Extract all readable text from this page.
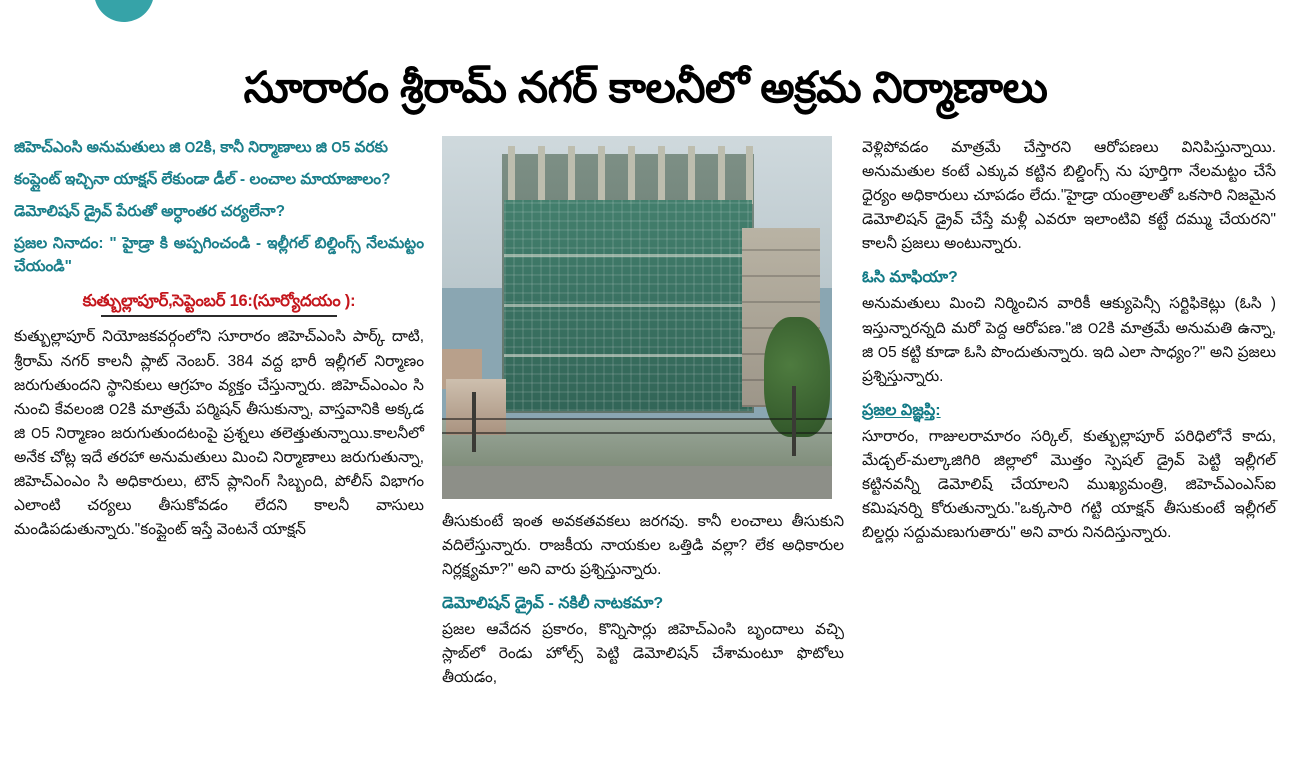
సూరారం శ్రీరామ్ నగర్ కాలనీలో అక్రమ నిర్మాణాలు
జిహెచ్ఎంసి అనుమతులు జి ౦2కి, కానీ నిర్మాణాలు జి ౦5 వరకు
కంప్లైంట్ ఇచ్చినా యాక్షన్ లేకుండా డీల్ - లంచాల మాయాజాలం?
డెమోలిషన్ డ్రైవ్ పేరుతో అర్ధాంతర చర్యలేనా?
ప్రజల నినాదం: " హైడ్రా కి అప్పగించండి - ఇల్లీగల్ బిల్డింగ్స్ నేలమట్టం చేయండి"
కుత్బుల్లాపూర్,సెప్టెంబర్ 16:(సూర్యోదయం ):
కుత్బుల్లాపూర్ నియోజకవర్గంలోని సూరారం జిహెచ్ఎంసి పార్క్ దాటి, శ్రీరామ్ నగర్ కాలనీ ప్లాట్ నెంబర్. 384 వద్ద భారీ ఇల్లీగల్ నిర్మాణం జరుగుతుందని స్థానికులు ఆగ్రహం వ్యక్తం చేస్తున్నారు. జిహెచ్ఎంఎం సి నుంచి కేవలంజి ౦2కి మాత్రమే పర్మిషన్ తీసుకున్నా, వాస్తవానికి అక్కడ జి ౦5 నిర్మాణం జరుగుతుందటంపై ప్రశ్నలు తలెత్తుతున్నాయి.కాలనీలో అనేక చోట్ల ఇదే తరహా అనుమతులు మించి నిర్మాణాలు జరుగుతున్నా, జిహెచ్ఎంఎం సి అధికారులు, టౌన్ ప్లానింగ్ సిబ్బంది, పోలీస్ విభాగం ఎలాంటి చర్యలు తీసుకోవడం లేదని కాలనీ వాసులు మండిపడుతున్నారు."కంప్లైంట్ ఇస్తే వెంటనే యాక్షన్	తీసుకుంటే ఇంత అవకతవకలు జరగవు. కానీ లంచాలు తీసుకుని వదిలేస్తున్నారు. రాజకీయ నాయకుల ఒత్తిడి వల్లా? లేక అధికారుల నిర్లక్ష్యమా?" అని వారు ప్రశ్నిస్తున్నారు.
డెమోలిషన్ డ్రైవ్ - నకిలీ నాటకమా?
ప్రజల ఆవేదన ప్రకారం, కొన్నిసార్లు జిహెచ్ఎంసి బృందాలు వచ్చి స్లాబ్‌లో రెండు హోల్స్ పెట్టి డెమోలిషన్ చేశామంటూ ఫొటోలు తీయడం,
వెళ్లిపోవడం మాత్రమే చేస్తారని ఆరోపణలు వినిపిస్తున్నాయి. అనుమతుల కంటే ఎక్కువ కట్టిన బిల్డింగ్స్ ను పూర్తిగా నేలమట్టం చేసే ధైర్యం అధికారులు చూపడం లేదు."హైడ్రా యంత్రాలతో ఒకసారి నిజమైన డెమోలిషన్ డ్రైవ్ చేస్తే మళ్లీ ఎవరూ ఇలాంటివి కట్టే దమ్ము చేయరని" కాలనీ ప్రజలు అంటున్నారు.
ఓసి మాఫియా?
అనుమతులు మించి నిర్మించిన వారికీ ఆక్యుపెన్సీ సర్టిఫికెట్లు (ఓసి ) ఇస్తున్నారన్నది మరో పెద్ద ఆరోపణ."జి ౦2కి మాత్రమే అనుమతి ఉన్నా, జి ౦5 కట్టి కూడా ఓసి పొందుతున్నారు. ఇది ఎలా సాధ్యం?" అని ప్రజలు ప్రశ్నిస్తున్నారు.
ప్రజల విజ్ఞప్తి:
సూరారం, గాజులరామారం సర్కిల్, కుత్బుల్లాపూర్ పరిధిలోనే కాదు, మేడ్చల్-మల్కాజిగిరి జిల్లాలో మొత్తం స్పెషల్ డ్రైవ్ పెట్టి ఇల్లీగల్ కట్టినవన్నీ డెమోలిష్ చేయాలని ముఖ్యమంత్రి, జిహెచ్ఎంఎస్ఐ కమిషనర్ని కోరుతున్నారు."ఒక్కసారి గట్టి యాక్షన్ తీసుకుంటే ఇల్లీగల్ బిల్డర్లు సద్దుమణుగుతారు" అని వారు నినదిస్తున్నారు.
